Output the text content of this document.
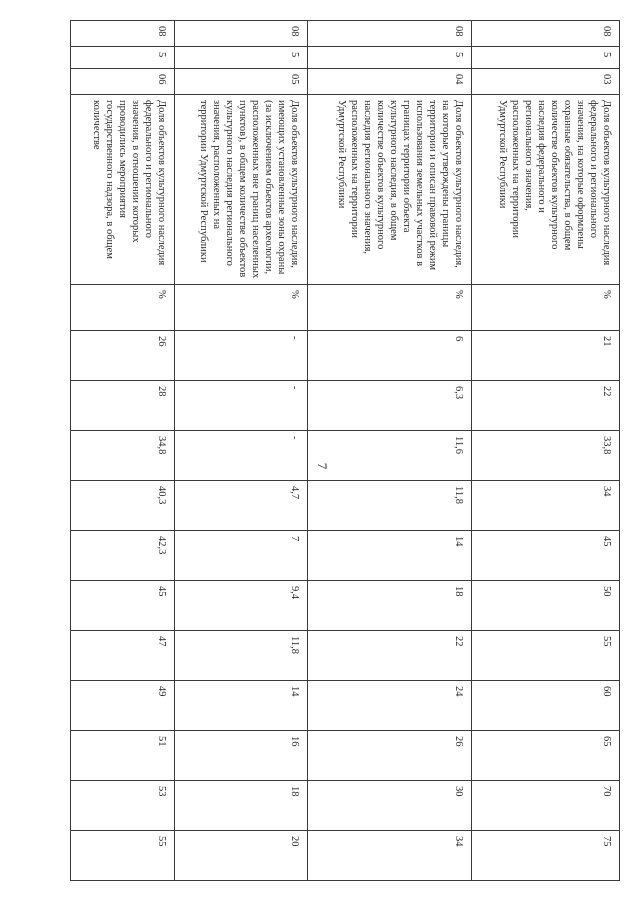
7
08	5	03	Доля объектов культурного наследия федерального и регионального значения, на которые оформлены охранные обязательства, в общем количестве объектов культурного наследия федерального и регионального значения, расположенных на территории Удмуртской Республики	%	21	22	33,8	34	45	50	55	60	65	70	75
08	5	04	Доля объектов культурного наследия, на которые утверждены границы территории и описан правовой режим использования земельных участков в границах территории объекта культурного наследия, в общем количестве объектов культурного наследия регионального значения, расположенных на территории Удмуртской Республики	%	6	6,3	11,6	11,8	14	18	22	24	26	30	34
08	5	05	Доля объектов культурного наследия, имеющих установленные зоны охраны (за исключением объектов археологии, расположенных вне границ населенных пунктов), в общем количестве объектов культурного наследия регионального значения, расположенных на территории Удмуртской Республики	%	-	-	-	4,7	7	9,4	11,8	14	16	18	20
08	5	06	Доля объектов культурного наследия федерального и регионального значения, в отношении которых проводились мероприятия государственного надзора, в общем количестве	%	26	28	34,8	40,3	42,3	45	47	49	51	53	55
